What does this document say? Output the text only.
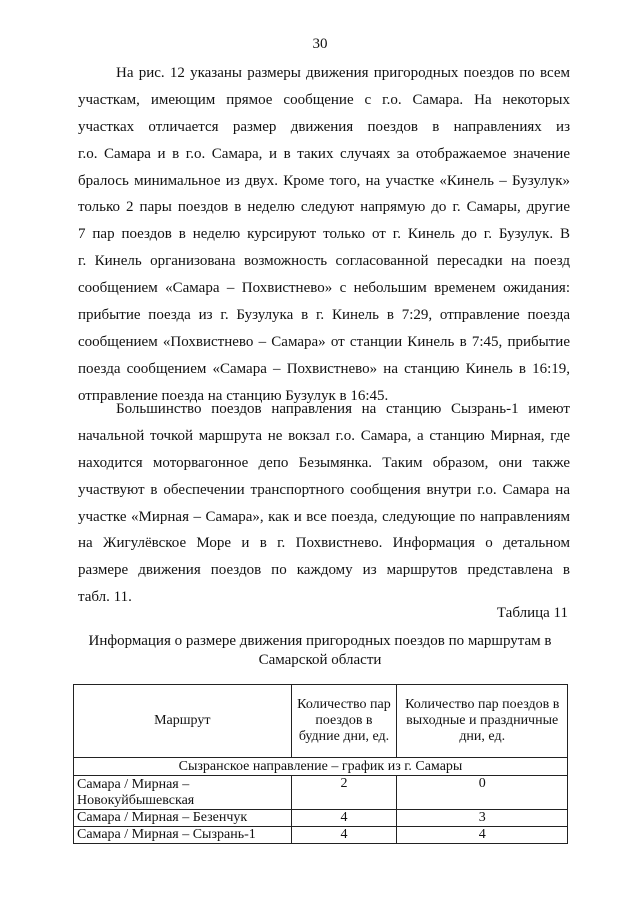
30
На рис. 12 указаны размеры движения пригородных поездов по всем
участкам, имеющим прямое сообщение с г.о. Самара. На некоторых
участках отличается размер движения поездов в направлениях из
г.о. Самара и в г.о. Самара, и в таких случаях за отображаемое значение
бралось минимальное из двух. Кроме того, на участке «Кинель – Бузулук»
только 2 пары поездов в неделю следуют напрямую до г. Самары, другие
7 пар поездов в неделю курсируют только от г. Кинель до г. Бузулук. В
г. Кинель организована возможность согласованной пересадки на поезд
сообщением «Самара – Похвистнево» с небольшим временем ожидания:
прибытие поезда из г. Бузулука в г. Кинель в 7:29, отправление поезда
сообщением «Похвистнево – Самара» от станции Кинель в 7:45, прибытие
поезда сообщением «Самара – Похвистнево» на станцию Кинель в 16:19,
отправление поезда на станцию Бузулук в 16:45.
Большинство поездов направления на станцию Сызрань-1 имеют
начальной точкой маршрута не вокзал г.о. Самара, а станцию Мирная, где
находится моторвагонное депо Безымянка. Таким образом, они также
участвуют в обеспечении транспортного сообщения внутри г.о. Самара на
участке «Мирная – Самара», как и все поезда, следующие по направлениям
на Жигулёвское Море и в г. Похвистнево. Информация о детальном
размере движения поездов по каждому из маршрутов представлена в
табл. 11.
Таблица 11
Информация о размере движения пригородных поездов по маршрутам в Самарской области
Маршрут	Количество пар поездов в будние дни, ед.	Количество пар поездов в выходные и праздничные дни, ед.
Сызранское направление – график из г. Самары		
Самара / Мирная – Новокуйбышевская	2	0
Самара / Мирная – Безенчук	4	3
Самара / Мирная – Сызрань-1	4	4
